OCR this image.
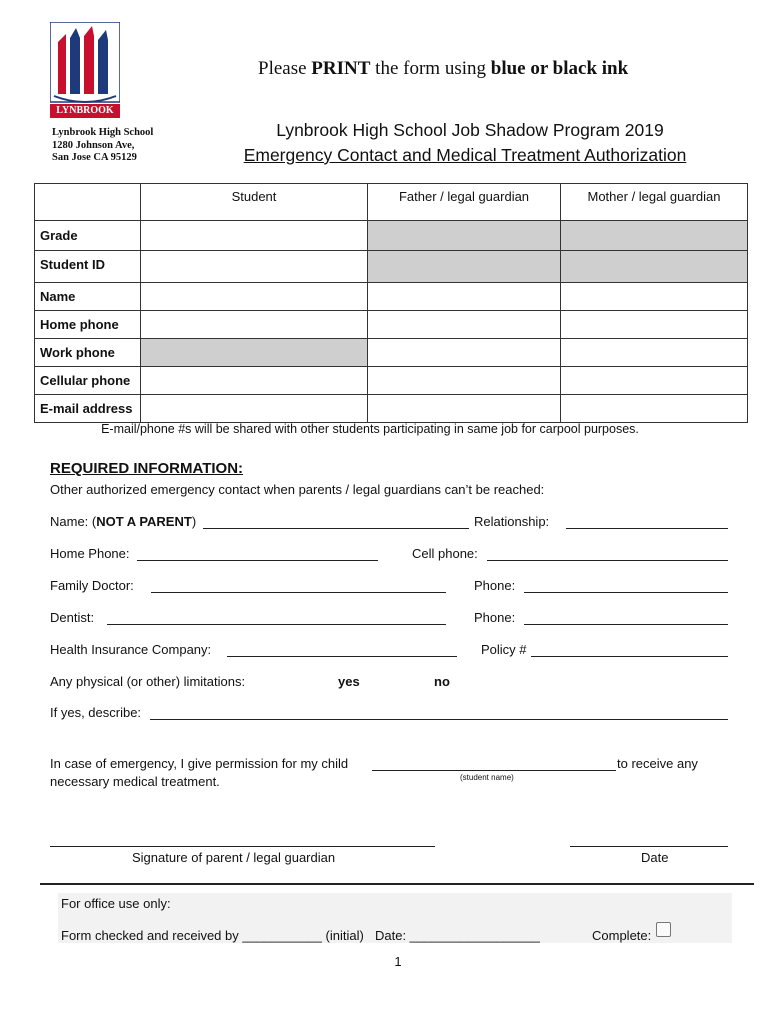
LYNBROOK
Lynbrook High School
1280 Johnson Ave,
San Jose CA 95129
Please PRINT the form using blue or black ink
Lynbrook High School Job Shadow Program 2019
Emergency Contact and Medical Treatment Authorization
	Student	Father / legal guardian	Mother / legal guardian
Grade			
Student ID			
Name			
Home phone			
Work phone			
Cellular phone			
E-mail address			
E-mail/phone #s will be shared with other students participating in same job for carpool purposes.
REQUIRED INFORMATION:
Other authorized emergency contact when parents / legal guardians can’t be reached:
Name: (NOT A PARENT)	Relationship:
Home Phone:	Cell phone:
Family Doctor:	Phone:
Dentist:	Phone:
Health Insurance Company:	Policy #
Any physical (or other) limitations:	yes	no
If yes, describe:
In case of emergency, I give permission for my child	to receive any
(student name)
necessary medical treatment.
Signature of parent / legal guardian	Date
For office use only:
Form checked and received by ___________ (initial) Date: __________________	Complete:
1
